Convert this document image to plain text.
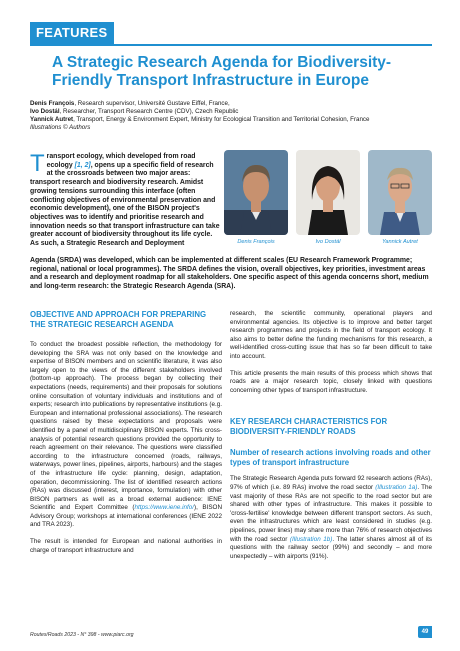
FEATURES
A Strategic Research Agenda for Biodiversity-Friendly Transport Infrastructure in Europe
Denis François, Research supervisor, Université Gustave Eiffel, France,
Ivo Dostál, Researcher, Transport Research Centre (CDV), Czech Republic
Yannick Autret, Transport, Energy & Environment Expert, Ministry for Ecological Transition and Territorial Cohesion, France
Illustrations © Authors
Transport ecology, which developed from road ecology [1, 2], opens up a specific field of research at the crossroads between two major areas: transport research and biodiversity research. Amidst growing tensions surrounding this interface (often conflicting objectives of environmental preservation and economic development), one of the BISON project's objectives was to identify and prioritise research and innovation needs so that transport infrastructure can take greater account of biodiversity throughout its life cycle. As such, a Strategic Research and Deployment	Denis François	Ivo Dostál	Yannick Autret
Agenda (SRDA) was developed, which can be implemented at different scales (EU Research Framework Programme; regional, national or local programmes). The SRDA defines the vision, overall objectives, key priorities, investment areas and a research and deployment roadmap for all stakeholders. One specific aspect of this agenda concerns short, medium and long-term research: the Strategic Research Agenda (SRA).
OBJECTIVE AND APPROACH FOR PREPARING THE STRATEGIC RESEARCH AGENDA
To conduct the broadest possible reflection, the methodology for developing the SRA was not only based on the knowledge and expertise of BISON members and on scientific literature, it was also largely open to the views of the different stakeholders involved (bottom-up approach). The process began by collecting their expectations (needs, requirements) and their proposals for solutions online consultation of voluntary individuals and institutions and of experts; research into publications by representative institutions (e.g. European and international professional associations). The research questions raised by these expectations and proposals were identified by a panel of multidisciplinary BISON experts. This cross-analysis of potential research questions provided the opportunity to reach agreement on their relevance. The questions were classified according to the infrastructure concerned (roads, railways, waterways, power lines, pipelines, airports, harbours) and the stages of the infrastructure life cycle: planning, design, adaptation, operation, decommissioning. The list of identified research actions (RAs) was discussed (interest, importance, formulation) with other BISON partners as well as a broad external audience: IENE Scientific and Expert Committee (https://www.iene.info/), BISON Advisory Group; workshops at international conferences (IENE 2022 and TRA 2023).
The result is intended for European and national authorities in charge of transport infrastructure and
research, the scientific community, operational players and environmental agencies. Its objective is to improve and better target research programmes and projects in the field of transport ecology. It also aims to better define the funding mechanisms for this research, a well-identified cross-cutting issue that has so far been difficult to take into account.
This article presents the main results of this process which shows that roads are a major research topic, closely linked with questions concerning other types of transport infrastructure.
KEY RESEARCH CHARACTERISTICS FOR BIODIVERSITY-FRIENDLY ROADS
Number of research actions involving roads and other types of transport infrastructure
The Strategic Research Agenda puts forward 92 research actions (RAs), 97% of which (i.e. 89 RAs) involve the road sector (Illustration 1a). The vast majority of these RAs are not specific to the road sector but are shared with other types of infrastructure. This makes it possible to 'cross-fertilise' knowledge between different transport sectors. As such, even the infrastructures which are least considered in studies (e.g. pipelines, power lines) may share more than 76% of research objectives with the road sector (Illustration 1b). The latter shares almost all of its questions with the railway sector (99%) and secondly – and more unexpectedly – with airports (91%).
Routes/Roads 2023 - N° 398 - www.piarc.org	49
